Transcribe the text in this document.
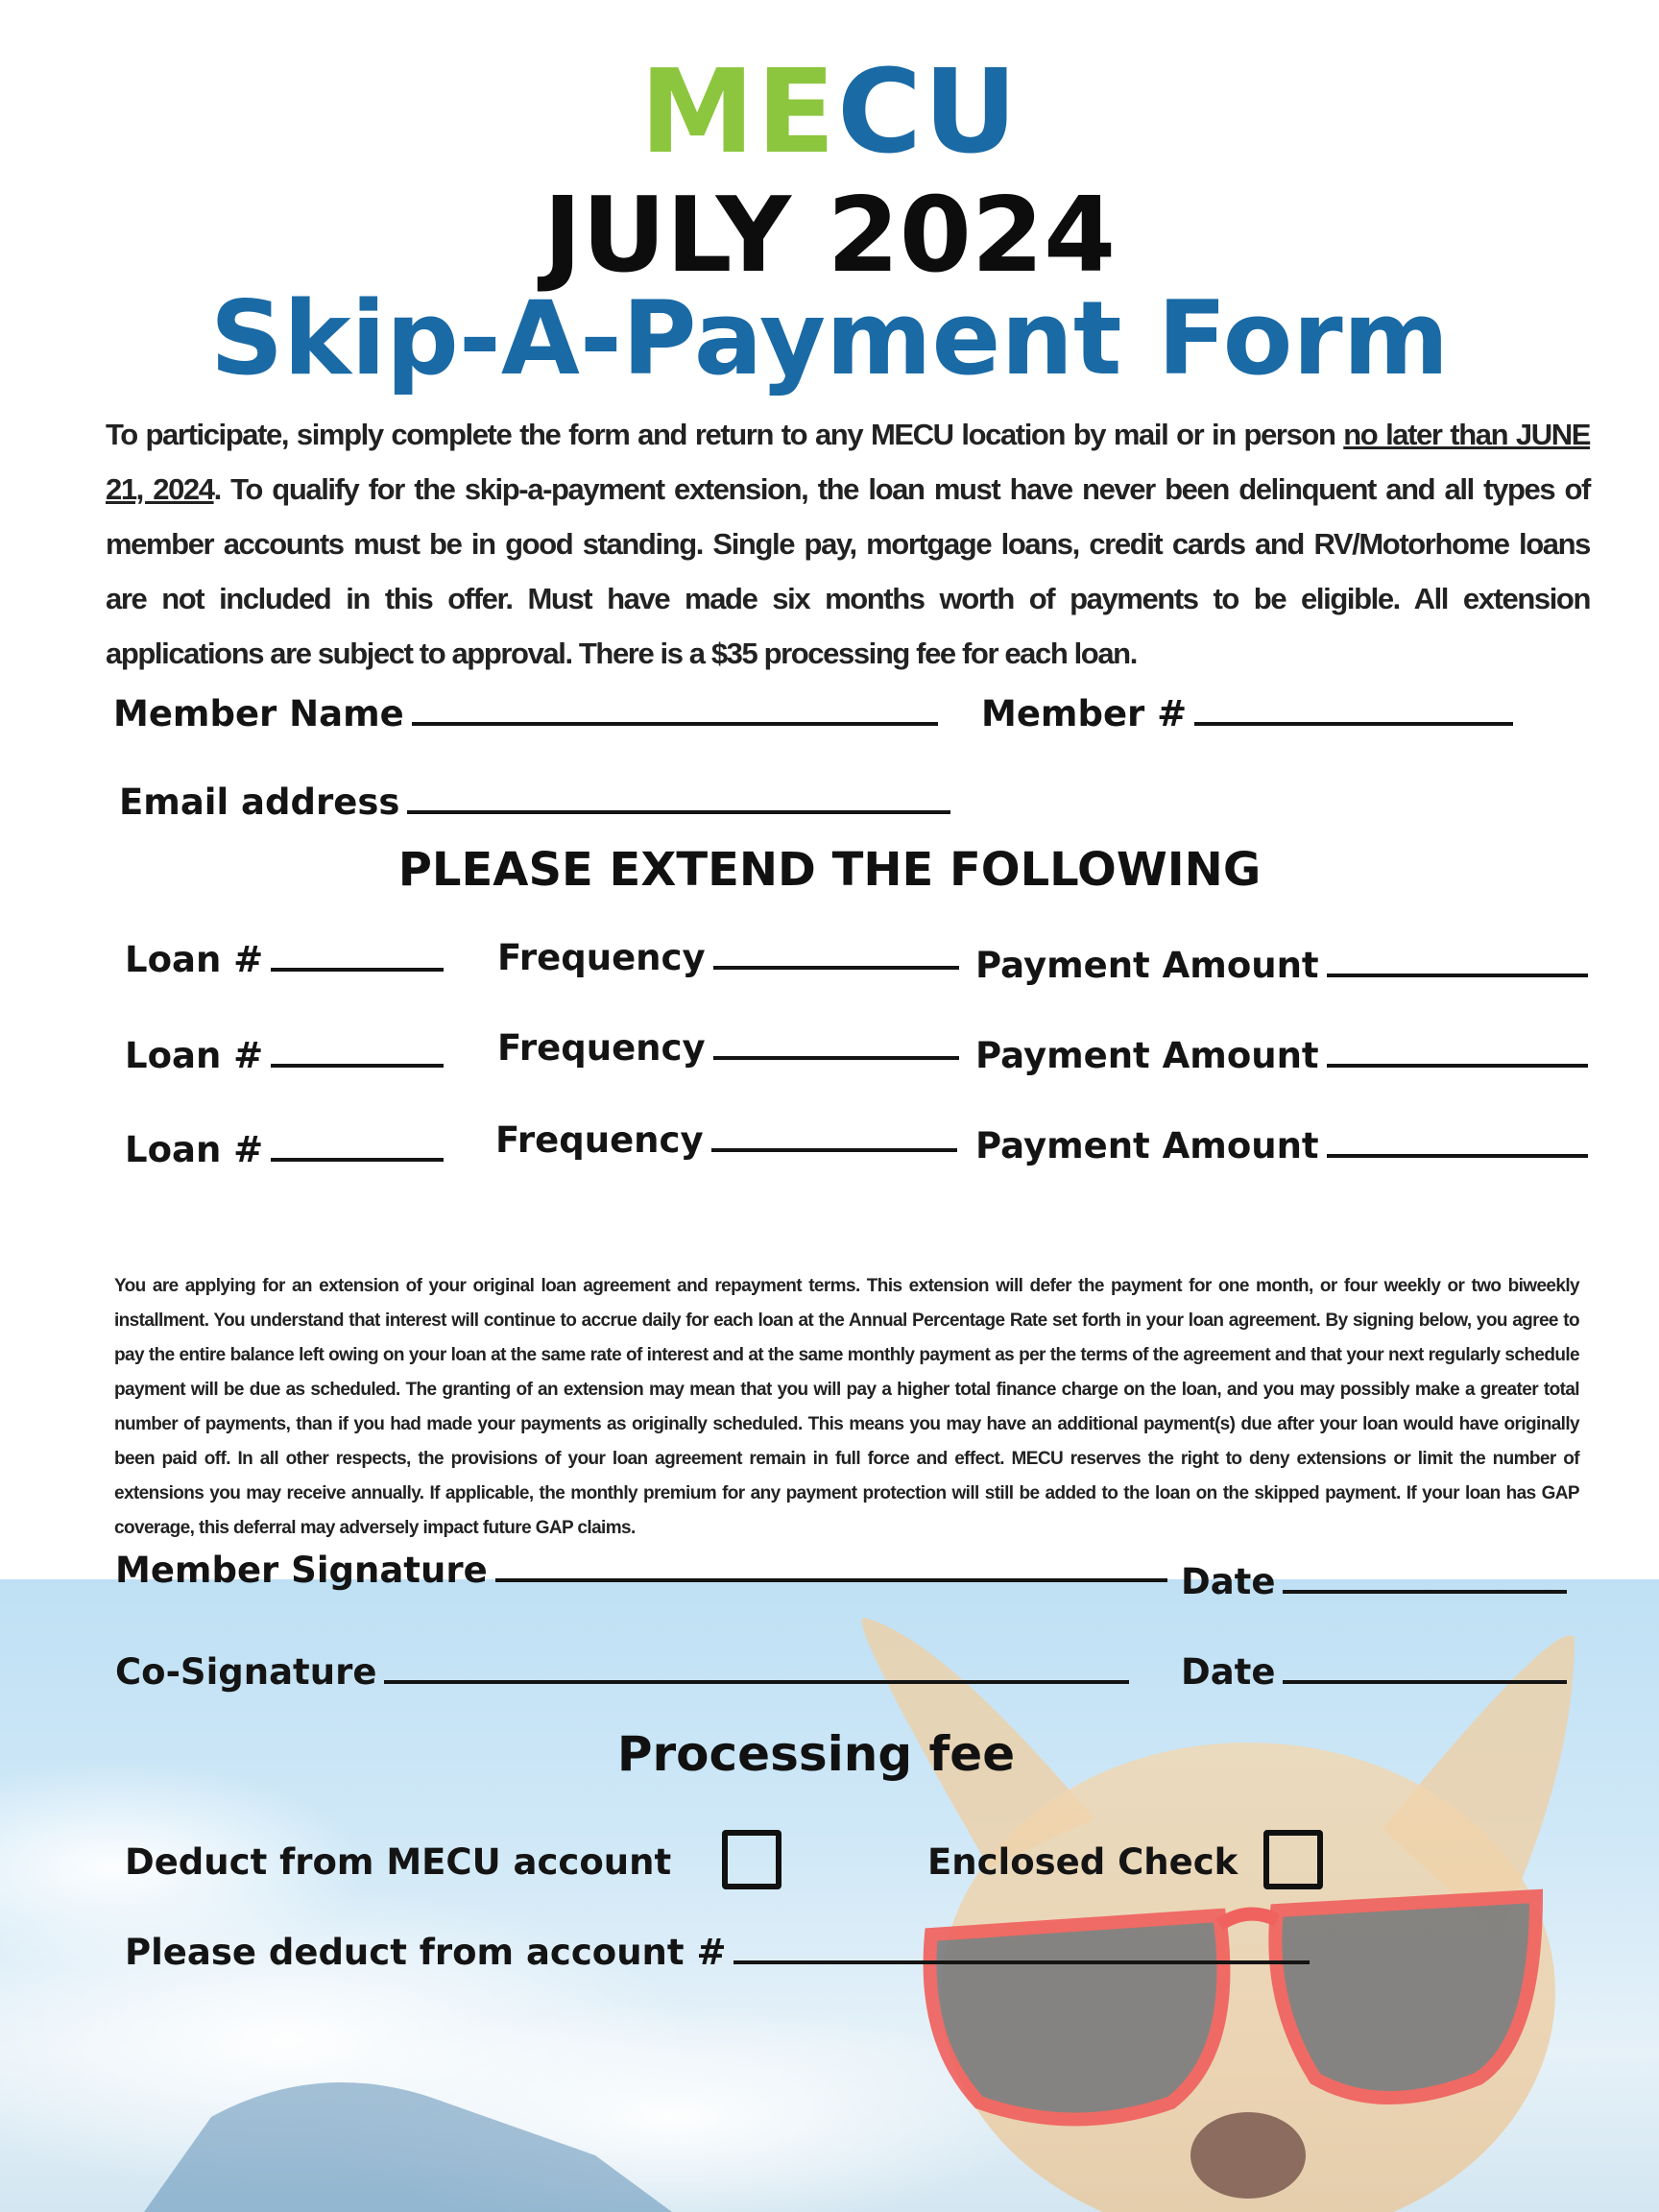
MECU
JULY 2024
Skip-A-Payment Form
To participate, simply complete the form and return to any MECU location by mail or in person no later than JUNE 21, 2024. To qualify for the skip-a-payment extension, the loan must have never been delinquent and all types of member accounts must be in good standing. Single pay, mortgage loans, credit cards and RV/Motorhome loans are not included in this offer. Must have made six months worth of payments to be eligible. All extension applications are subject to approval. There is a $35 processing fee for each loan.
Member Name	Member #
Email address
PLEASE EXTEND THE FOLLOWING
Loan #	Frequency	Payment Amount
Loan #	Frequency	Payment Amount
Loan #	Frequency	Payment Amount
You are applying for an extension of your original loan agreement and repayment terms. This extension will defer the payment for one month, or four weekly or two biweekly installment. You understand that interest will continue to accrue daily for each loan at the Annual Percentage Rate set forth in your loan agreement. By signing below, you agree to pay the entire balance left owing on your loan at the same rate of interest and at the same monthly payment as per the terms of the agreement and that your next regularly schedule payment will be due as scheduled. The granting of an extension may mean that you will pay a higher total finance charge on the loan, and you may possibly make a greater total number of payments, than if you had made your payments as originally scheduled. This means you may have an additional payment(s) due after your loan would have originally been paid off. In all other respects, the provisions of your loan agreement remain in full force and effect. MECU reserves the right to deny extensions or limit the number of extensions you may receive annually. If applicable, the monthly premium for any payment protection will still be added to the loan on the skipped payment. If your loan has GAP coverage, this deferral may adversely impact future GAP claims.
Member Signature	Date
Co-Signature	Date
Processing fee
Deduct from MECU account	Enclosed Check
Please deduct from account #
